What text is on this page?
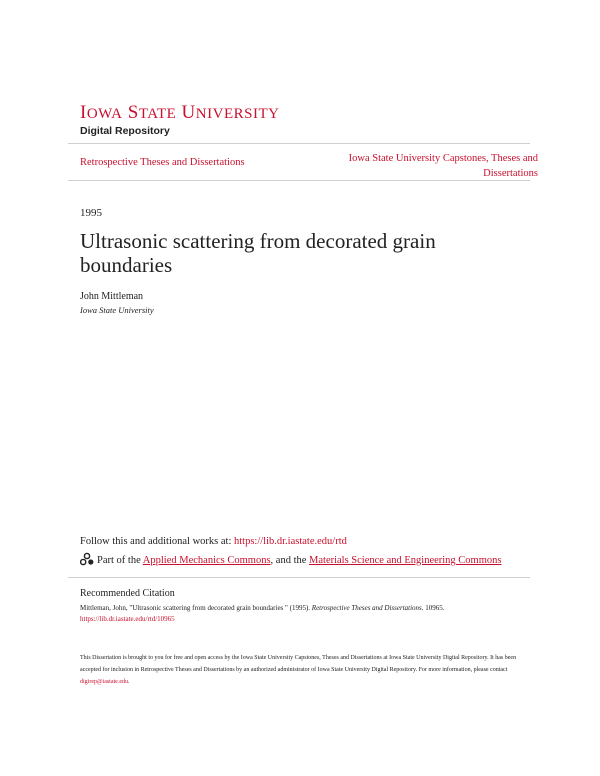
IOWA STATE UNIVERSITY
Digital Repository
Retrospective Theses and Dissertations	Iowa State University Capstones, Theses and Dissertations
1995
Ultrasonic scattering from decorated grain boundaries
John Mittleman
Iowa State University
Follow this and additional works at: https://lib.dr.iastate.edu/rtd
Part of the Applied Mechanics Commons, and the Materials Science and Engineering Commons
Recommended Citation
Mittleman, John, "Ultrasonic scattering from decorated grain boundaries " (1995). Retrospective Theses and Dissertations. 10965.
https://lib.dr.iastate.edu/rtd/10965
This Dissertation is brought to you for free and open access by the Iowa State University Capstones, Theses and Dissertations at Iowa State University Digital Repository. It has been accepted for inclusion in Retrospective Theses and Dissertations by an authorized administrator of Iowa State University Digital Repository. For more information, please contact digirep@iastate.edu.
